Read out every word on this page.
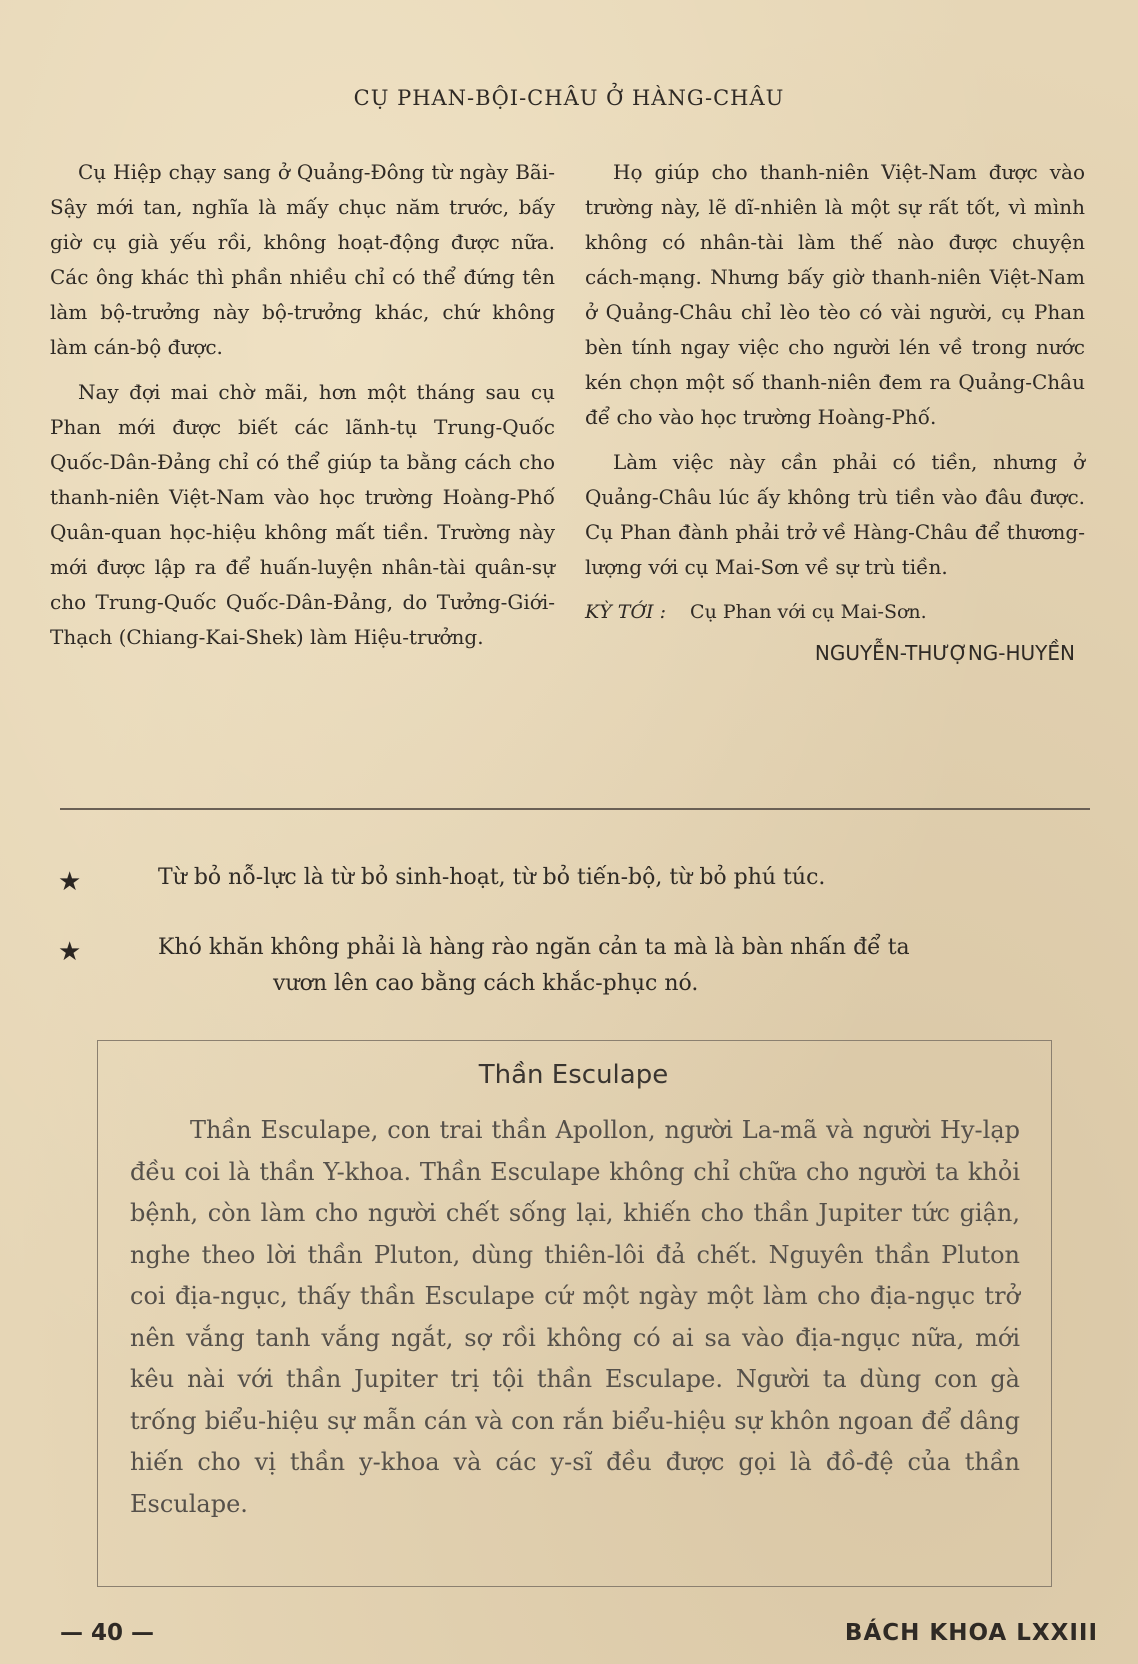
CỤ PHAN-BỘI-CHÂU Ở HÀNG-CHÂU

Cụ Hiệp chạy sang ở Quảng-Đông từ ngày Bãi-Sậy mới tan, nghĩa là mấy chục năm trước, bấy giờ cụ già yếu rồi, không hoạt-động được nữa. Các ông khác thì phần nhiều chỉ có thể đứng tên làm bộ-trưởng này bộ-trưởng khác, chứ không làm cán-bộ được.

Nay đợi mai chờ mãi, hơn một tháng sau cụ Phan mới được biết các lãnh-tụ Trung-Quốc Quốc-Dân-Đảng chỉ có thể giúp ta bằng cách cho thanh-niên Việt-Nam vào học trường Hoàng-Phố Quân-quan học-hiệu không mất tiền. Trường này mới được lập ra để huấn-luyện nhân-tài quân-sự cho Trung-Quốc Quốc-Dân-Đảng, do Tưởng-Giới-Thạch (Chiang-Kai-Shek) làm Hiệu-trưởng.

Họ giúp cho thanh-niên Việt-Nam được vào trường này, lẽ dĩ-nhiên là một sự rất tốt, vì mình không có nhân-tài làm thế nào được chuyện cách-mạng. Nhưng bấy giờ thanh-niên Việt-Nam ở Quảng-Châu chỉ lèo tèo có vài người, cụ Phan bèn tính ngay việc cho người lén về trong nước kén chọn một số thanh-niên đem ra Quảng-Châu để cho vào học trường Hoàng-Phố.

Làm việc này cần phải có tiền, nhưng ở Quảng-Châu lúc ấy không trù tiền vào đâu được. Cụ Phan đành phải trở về Hàng-Châu để thương-lượng với cụ Mai-Sơn về sự trù tiền.

KỲ TỚI : Cụ Phan với cụ Mai-Sơn.
NGUYỄN-THƯỢNG-HUYỀN
★	Từ bỏ nỗ-lực là từ bỏ sinh-hoạt, từ bỏ tiến-bộ, từ bỏ phú túc.
★	Khó khăn không phải là hàng rào ngăn cản ta mà là bàn nhấn để ta
vươn lên cao bằng cách khắc-phục nó.
Thần Esculape
Thần Esculape, con trai thần Apollon, người La-mã và người Hy-lạp đều coi là thần Y-khoa. Thần Esculape không chỉ chữa cho người ta khỏi bệnh, còn làm cho người chết sống lại, khiến cho thần Jupiter tức giận, nghe theo lời thần Pluton, dùng thiên-lôi đả chết. Nguyên thần Pluton coi địa-ngục, thấy thần Esculape cứ một ngày một làm cho địa-ngục trở nên vắng tanh vắng ngắt, sợ rồi không có ai sa vào địa-ngục nữa, mới kêu nài với thần Jupiter trị tội thần Esculape. Người ta dùng con gà trống biểu-hiệu sự mẫn cán và con rắn biểu-hiệu sự khôn ngoan để dâng hiến cho vị thần y-khoa và các y-sĩ đều được gọi là đồ-đệ của thần Esculape.
— 40 —	BÁCH KHOA LXXIII
